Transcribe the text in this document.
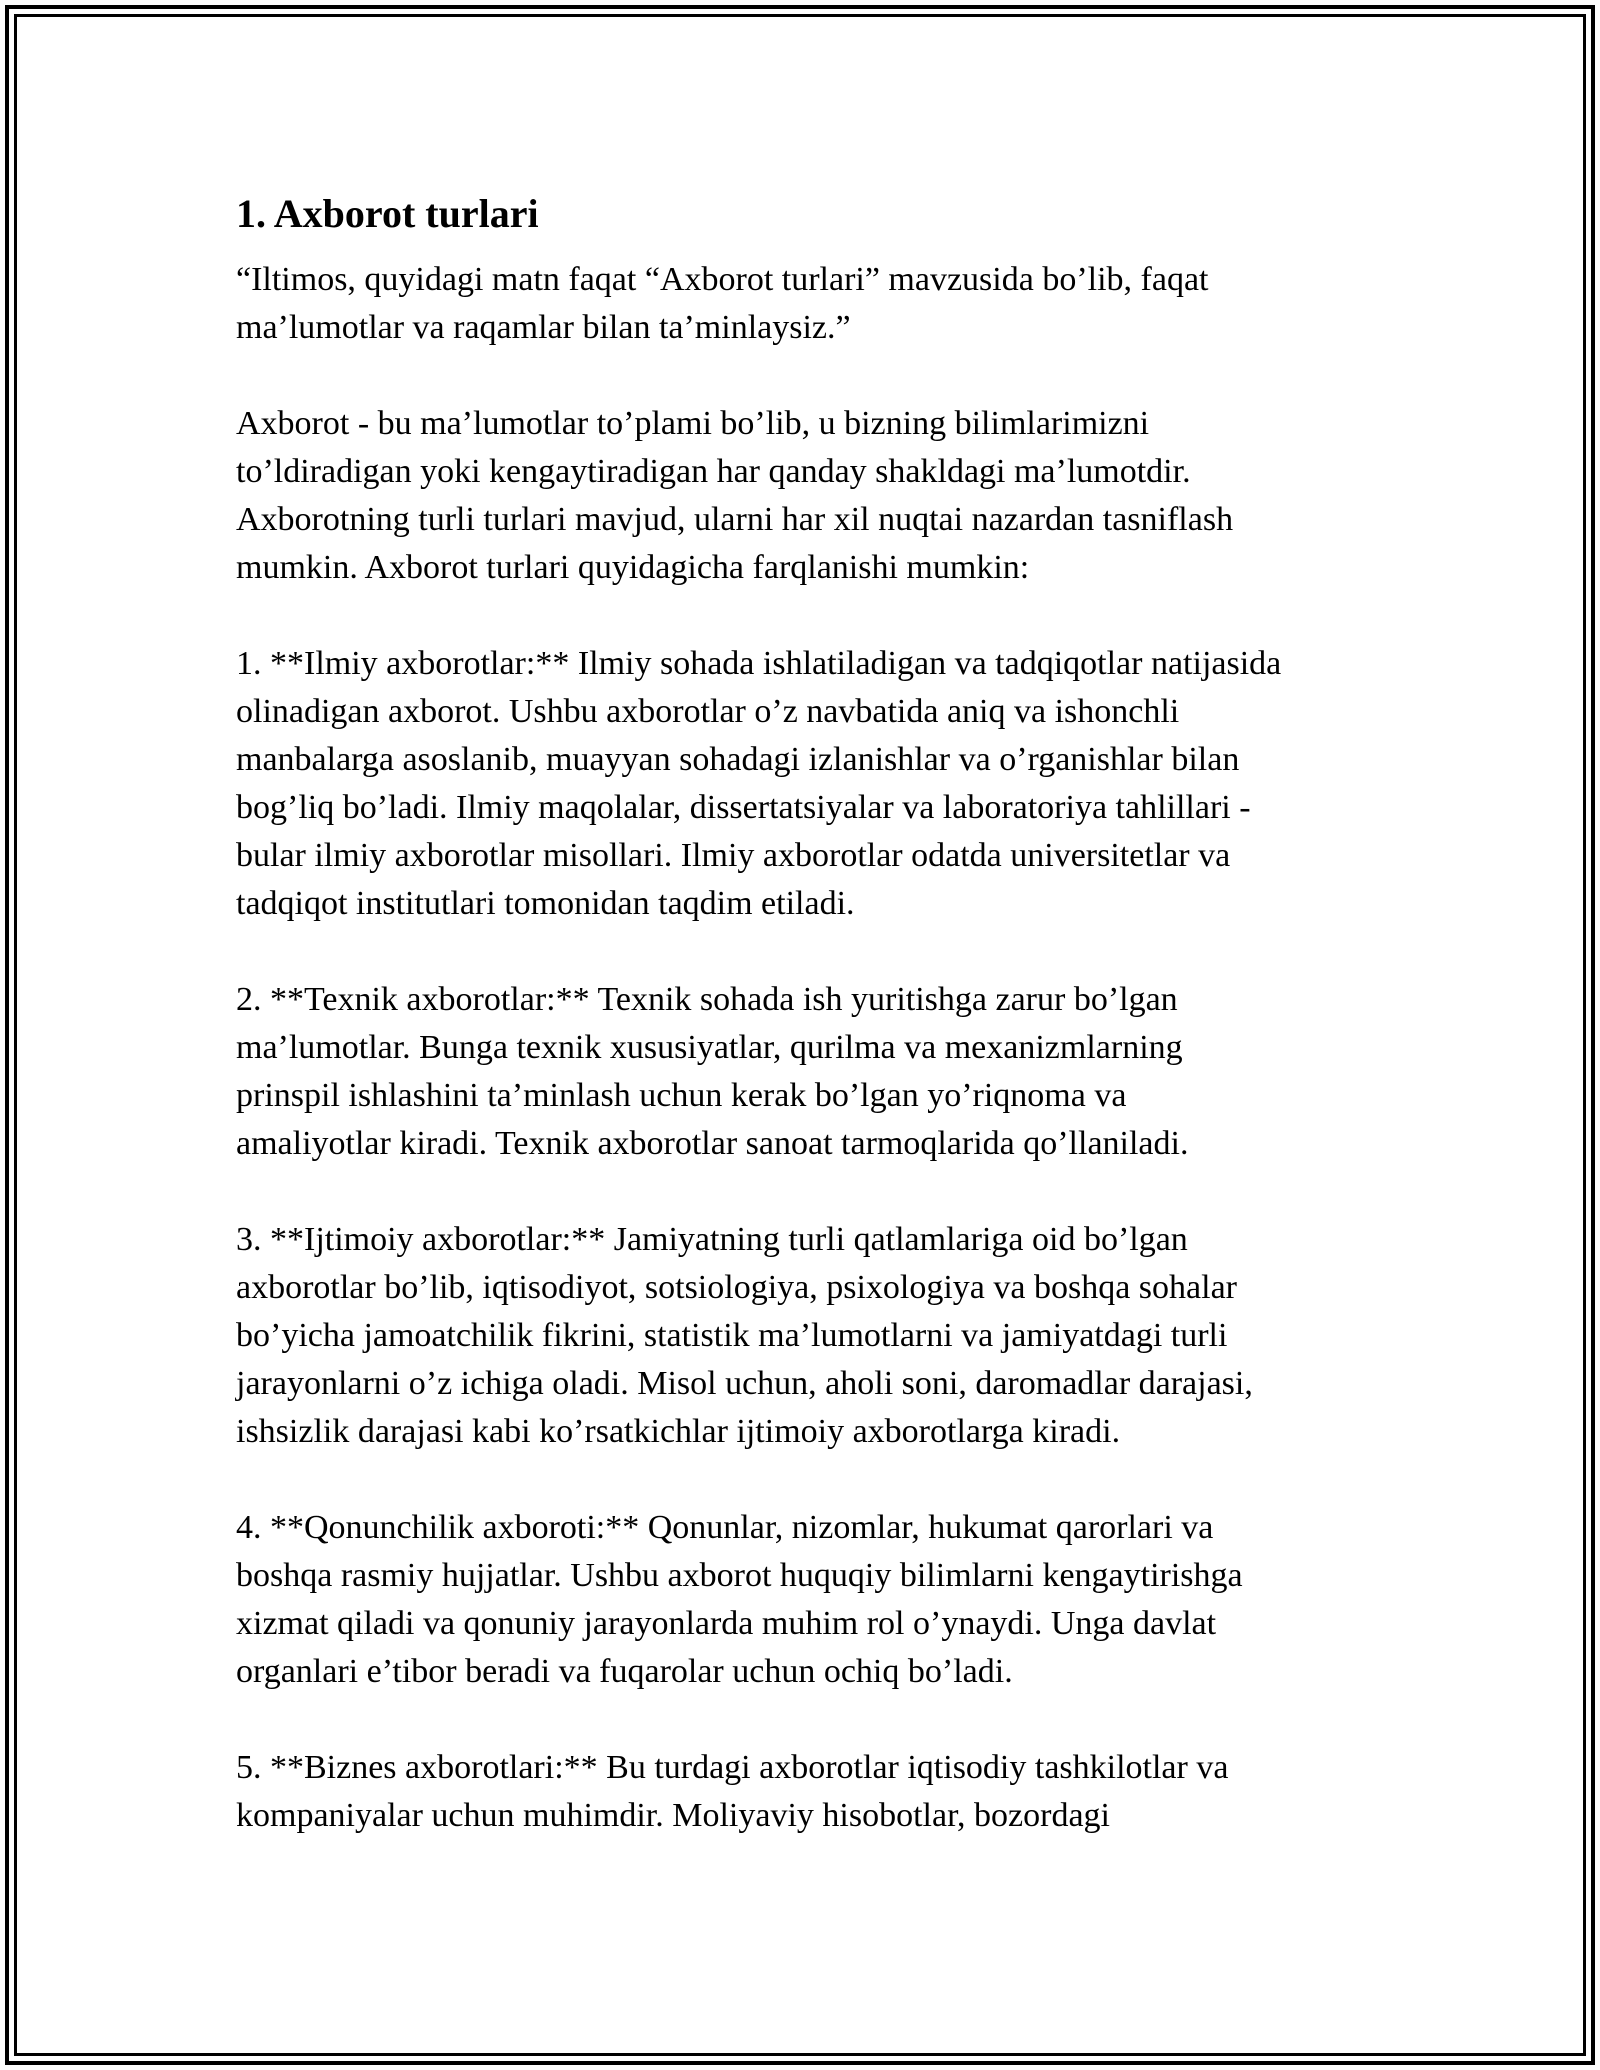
1. Axborot turlari

“Iltimos, quyidagi matn faqat “Axborot turlari” mavzusida bo’lib, faqat
ma’lumotlar va raqamlar bilan ta’minlaysiz.”

Axborot - bu ma’lumotlar to’plami bo’lib, u bizning bilimlarimizni
to’ldiradigan yoki kengaytiradigan har qanday shakldagi ma’lumotdir.
Axborotning turli turlari mavjud, ularni har xil nuqtai nazardan tasniflash
mumkin. Axborot turlari quyidagicha farqlanishi mumkin:

1. **Ilmiy axborotlar:** Ilmiy sohada ishlatiladigan va tadqiqotlar natijasida
olinadigan axborot. Ushbu axborotlar o’z navbatida aniq va ishonchli
manbalarga asoslanib, muayyan sohadagi izlanishlar va o’rganishlar bilan
bog’liq bo’ladi. Ilmiy maqolalar, dissertatsiyalar va laboratoriya tahlillari -
bular ilmiy axborotlar misollari. Ilmiy axborotlar odatda universitetlar va
tadqiqot institutlari tomonidan taqdim etiladi.

2. **Texnik axborotlar:** Texnik sohada ish yuritishga zarur bo’lgan
ma’lumotlar. Bunga texnik xususiyatlar, qurilma va mexanizmlarning
prinspil ishlashini ta’minlash uchun kerak bo’lgan yo’riqnoma va
amaliyotlar kiradi. Texnik axborotlar sanoat tarmoqlarida qo’llaniladi.

3. **Ijtimoiy axborotlar:** Jamiyatning turli qatlamlariga oid bo’lgan
axborotlar bo’lib, iqtisodiyot, sotsiologiya, psixologiya va boshqa sohalar
bo’yicha jamoatchilik fikrini, statistik ma’lumotlarni va jamiyatdagi turli
jarayonlarni o’z ichiga oladi. Misol uchun, aholi soni, daromadlar darajasi,
ishsizlik darajasi kabi ko’rsatkichlar ijtimoiy axborotlarga kiradi.

4. **Qonunchilik axboroti:** Qonunlar, nizomlar, hukumat qarorlari va
boshqa rasmiy hujjatlar. Ushbu axborot huquqiy bilimlarni kengaytirishga
xizmat qiladi va qonuniy jarayonlarda muhim rol o’ynaydi. Unga davlat
organlari e’tibor beradi va fuqarolar uchun ochiq bo’ladi.

5. **Biznes axborotlari:** Bu turdagi axborotlar iqtisodiy tashkilotlar va
kompaniyalar uchun muhimdir. Moliyaviy hisobotlar, bozordagi
